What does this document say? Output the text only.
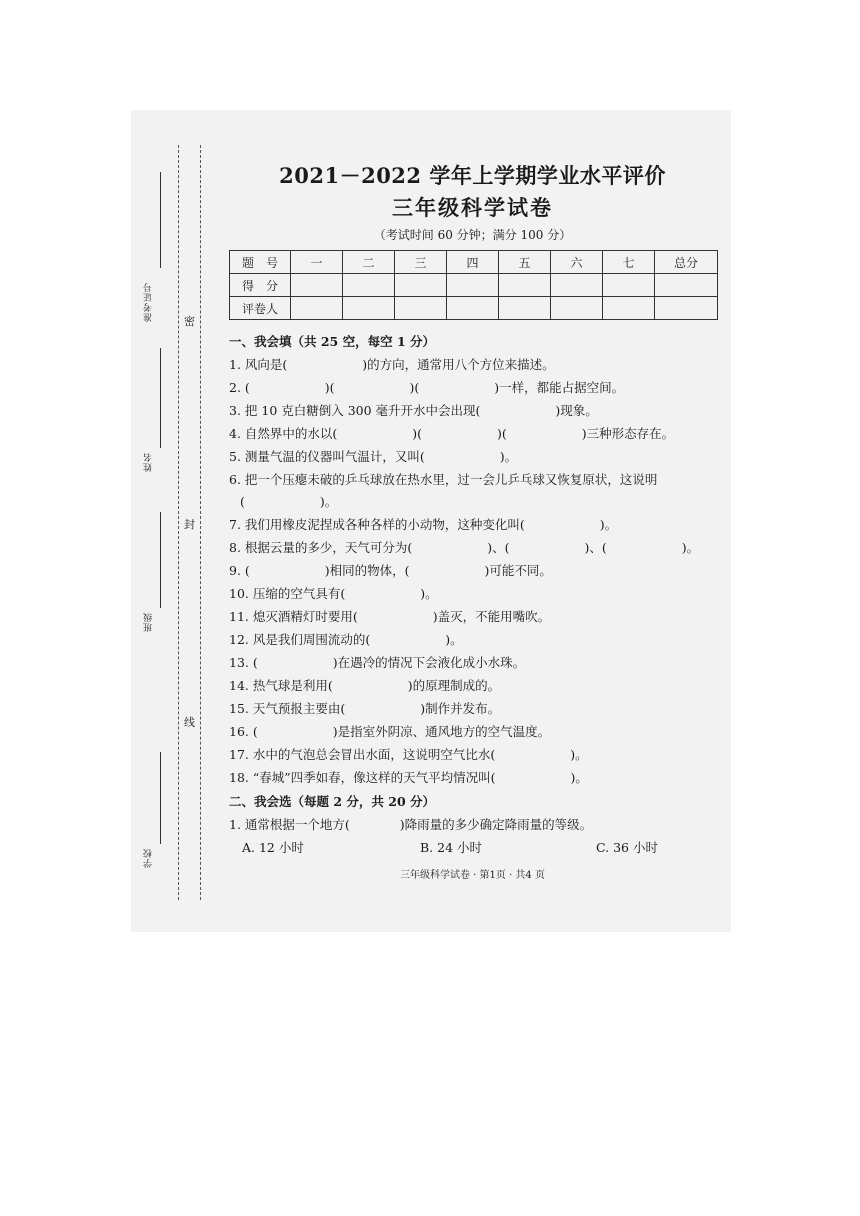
准考证号
姓名
班级
学校
密
封
线
2021－2022 学年上学期学业水平评价
三年级科学试卷
（考试时间 60 分钟；满分 100 分）
题　号	一	二	三	四	五	六	七	总分
得　分								
评卷人								
一、我会填（共 25 空，每空 1 分）
1. 风向是(　　　　　　)的方向，通常用八个方位来描述。
2. (　　　　　　)(　　　　　　)(　　　　　　)一样，都能占据空间。
3. 把 10 克白糖倒入 300 毫升开水中会出现(　　　　　　)现象。
4. 自然界中的水以(　　　　　　)(　　　　　　)(　　　　　　)三种形态存在。
5. 测量气温的仪器叫气温计，又叫(　　　　　　)。
6. 把一个压瘪未破的乒乓球放在热水里，过一会儿乒乓球又恢复原状，这说明
(　　　　　　)。
7. 我们用橡皮泥捏成各种各样的小动物，这种变化叫(　　　　　　)。
8. 根据云量的多少，天气可分为(　　　　　　)、(　　　　　　)、(　　　　　　)。
9. (　　　　　　)相同的物体，(　　　　　　)可能不同。
10. 压缩的空气具有(　　　　　　)。
11. 熄灭酒精灯时要用(　　　　　　)盖灭，不能用嘴吹。
12. 风是我们周围流动的(　　　　　　)。
13. (　　　　　　)在遇冷的情况下会液化成小水珠。
14. 热气球是利用(　　　　　　)的原理制成的。
15. 天气预报主要由(　　　　　　)制作并发布。
16. (　　　　　　)是指室外阴凉、通风地方的空气温度。
17. 水中的气泡总会冒出水面，这说明空气比水(　　　　　　)。
18. “春城”四季如春，像这样的天气平均情况叫(　　　　　　)。
二、我会选（每题 2 分，共 20 分）
1. 通常根据一个地方(　　　　)降雨量的多少确定降雨量的等级。
A. 12 小时	B. 24 小时	C. 36 小时
三年级科学试卷 · 第1页 · 共4 页
